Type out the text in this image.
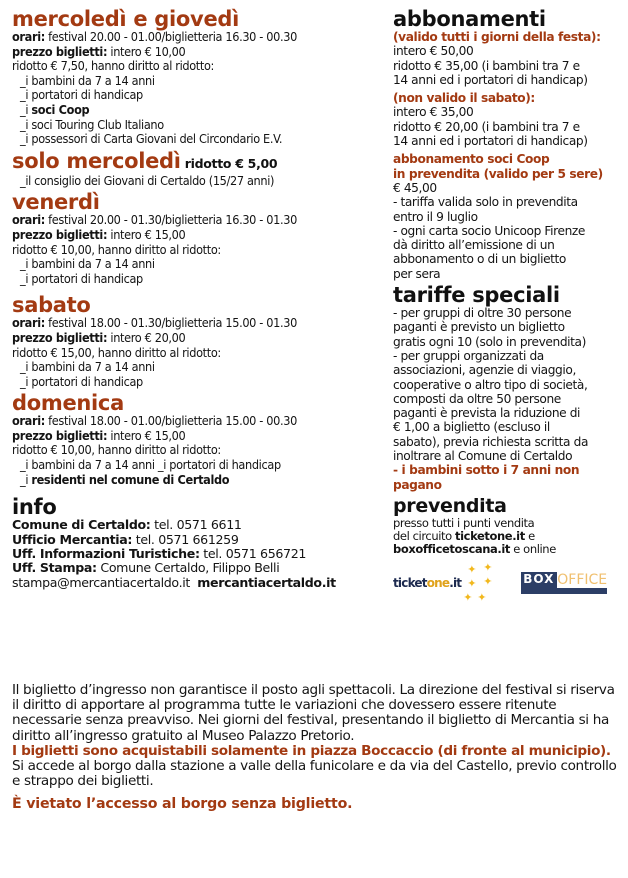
mercoledì e giovedì
orari: festival 20.00 - 01.00/biglietteria 16.30 - 00.30
prezzo biglietti: intero € 10,00
ridotto € 7,50, hanno diritto al ridotto:
_i bambini da 7 a 14 anni
_i portatori di handicap
_i soci Coop
_i soci Touring Club Italiano
_i possessori di Carta Giovani del Circondario E.V.
solo mercoledì ridotto € 5,00
_il consiglio dei Giovani di Certaldo (15/27 anni)
venerdì
orari: festival 20.00 - 01.30/biglietteria 16.30 - 01.30
prezzo biglietti: intero € 15,00
ridotto € 10,00, hanno diritto al ridotto:
_i bambini da 7 a 14 anni
_i portatori di handicap
sabato
orari: festival 18.00 - 01.30/biglietteria 15.00 - 01.30
prezzo biglietti: intero € 20,00
ridotto € 15,00, hanno diritto al ridotto:
_i bambini da 7 a 14 anni
_i portatori di handicap
domenica
orari: festival 18.00 - 01.00/biglietteria 15.00 - 00.30
prezzo biglietti: intero € 15,00
ridotto € 10,00, hanno diritto al ridotto:
_i bambini da 7 a 14 anni _i portatori di handicap
_i residenti nel comune di Certaldo
info
Comune di Certaldo: tel. 0571 6611
Ufficio Mercantia: tel. 0571 661259
Uff. Informazioni Turistiche: tel. 0571 656721
Uff. Stampa: Comune Certaldo, Filippo Belli
stampa@mercantiacertaldo.it mercantiacertaldo.it
abbonamenti
(valido tutti i giorni della festa):
intero € 50,00
ridotto € 35,00 (i bambini tra 7 e
14 anni ed i portatori di handicap)
(non valido il sabato):
intero € 35,00
ridotto € 20,00 (i bambini tra 7 e
14 anni ed i portatori di handicap)
abbonamento soci Coop
in prevendita (valido per 5 sere)
€ 45,00
- tariffa valida solo in prevendita
entro il 9 luglio
- ogni carta socio Unicoop Firenze
dà diritto all’emissione di un
abbonamento o di un biglietto
per sera
tariffe speciali
- per gruppi di oltre 30 persone
paganti è previsto un biglietto
gratis ogni 10 (solo in prevendita)
- per gruppi organizzati da
associazioni, agenzie di viaggio,
cooperative o altro tipo di società,
composti da oltre 50 persone
paganti è prevista la riduzione di
€ 1,00 a biglietto (escluso il
sabato), previa richiesta scritta da
inoltrare al Comune di Certaldo
- i bambini sotto i 7 anni non
pagano
prevendita
presso tutti i punti vendita
del circuito ticketone.it e
boxofficetoscana.it e online
ticket one .it
✦ ✦
✦ ✦
✦ ✦
BOX OFFICE
Il biglietto d’ingresso non garantisce il posto agli spettacoli. La direzione del festival si riserva il diritto di apportare al programma tutte le variazioni che dovessero essere ritenute necessarie senza preavviso. Nei giorni del festival, presentando il biglietto di Mercantia si ha diritto all’ingresso gratuito al Museo Palazzo Pretorio.
I biglietti sono acquistabili solamente in piazza Boccaccio (di fronte al municipio).
Si accede al borgo dalla stazione a valle della funicolare e da via del Castello, previo controllo e strappo dei biglietti.
È vietato l’accesso al borgo senza biglietto.
